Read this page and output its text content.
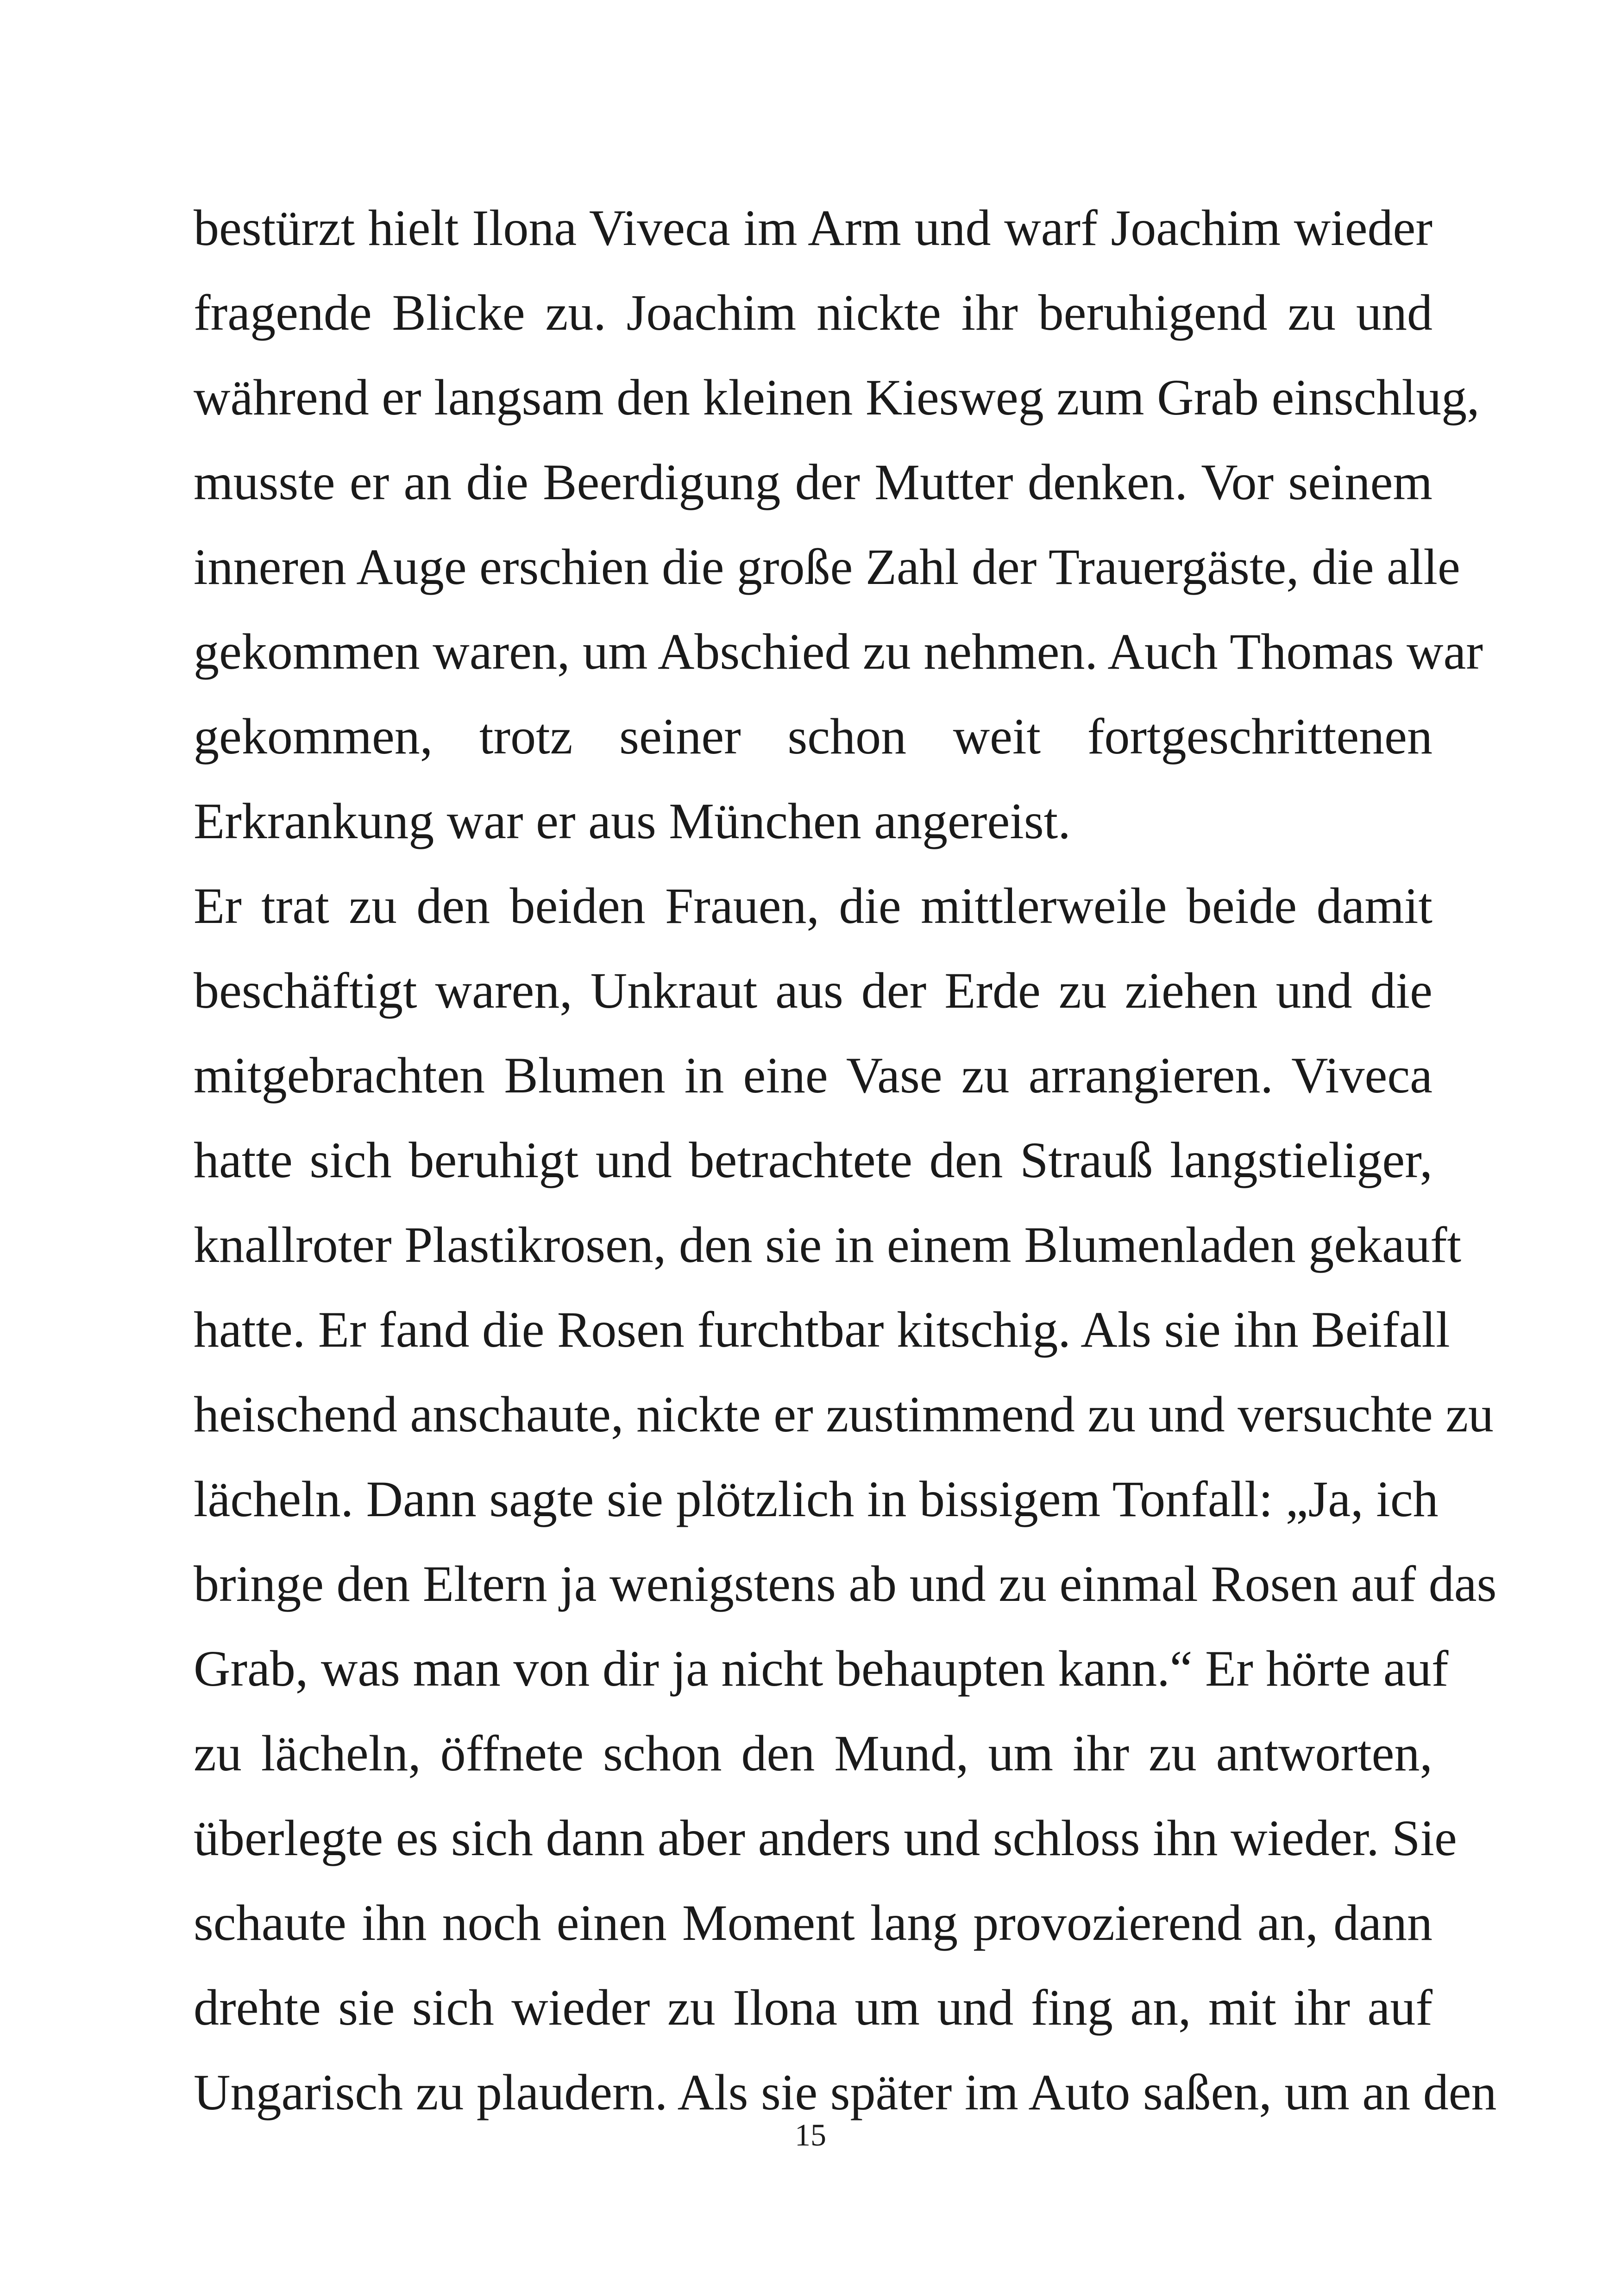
bestürzt hielt Ilona Viveca im Arm und warf Joachim wieder
fragende Blicke zu. Joachim nickte ihr beruhigend zu und
während er langsam den kleinen Kiesweg zum Grab einschlug,
musste er an die Beerdigung der Mutter denken. Vor seinem
inneren Auge erschien die große Zahl der Trauergäste, die alle
gekommen waren, um Abschied zu nehmen. Auch Thomas war
gekommen, trotz seiner schon weit fortgeschrittenen
Erkrankung war er aus München angereist.
Er trat zu den beiden Frauen, die mittlerweile beide damit
beschäftigt waren, Unkraut aus der Erde zu ziehen und die
mitgebrachten Blumen in eine Vase zu arrangieren. Viveca
hatte sich beruhigt und betrachtete den Strauß langstieliger,
knallroter Plastikrosen, den sie in einem Blumenladen gekauft
hatte. Er fand die Rosen furchtbar kitschig. Als sie ihn Beifall
heischend anschaute, nickte er zustimmend zu und versuchte zu
lächeln. Dann sagte sie plötzlich in bissigem Tonfall: „Ja, ich
bringe den Eltern ja wenigstens ab und zu einmal Rosen auf das
Grab, was man von dir ja nicht behaupten kann.“ Er hörte auf
zu lächeln, öffnete schon den Mund, um ihr zu antworten,
überlegte es sich dann aber anders und schloss ihn wieder. Sie
schaute ihn noch einen Moment lang provozierend an, dann
drehte sie sich wieder zu Ilona um und fing an, mit ihr auf
Ungarisch zu plaudern. Als sie später im Auto saßen, um an den
15
